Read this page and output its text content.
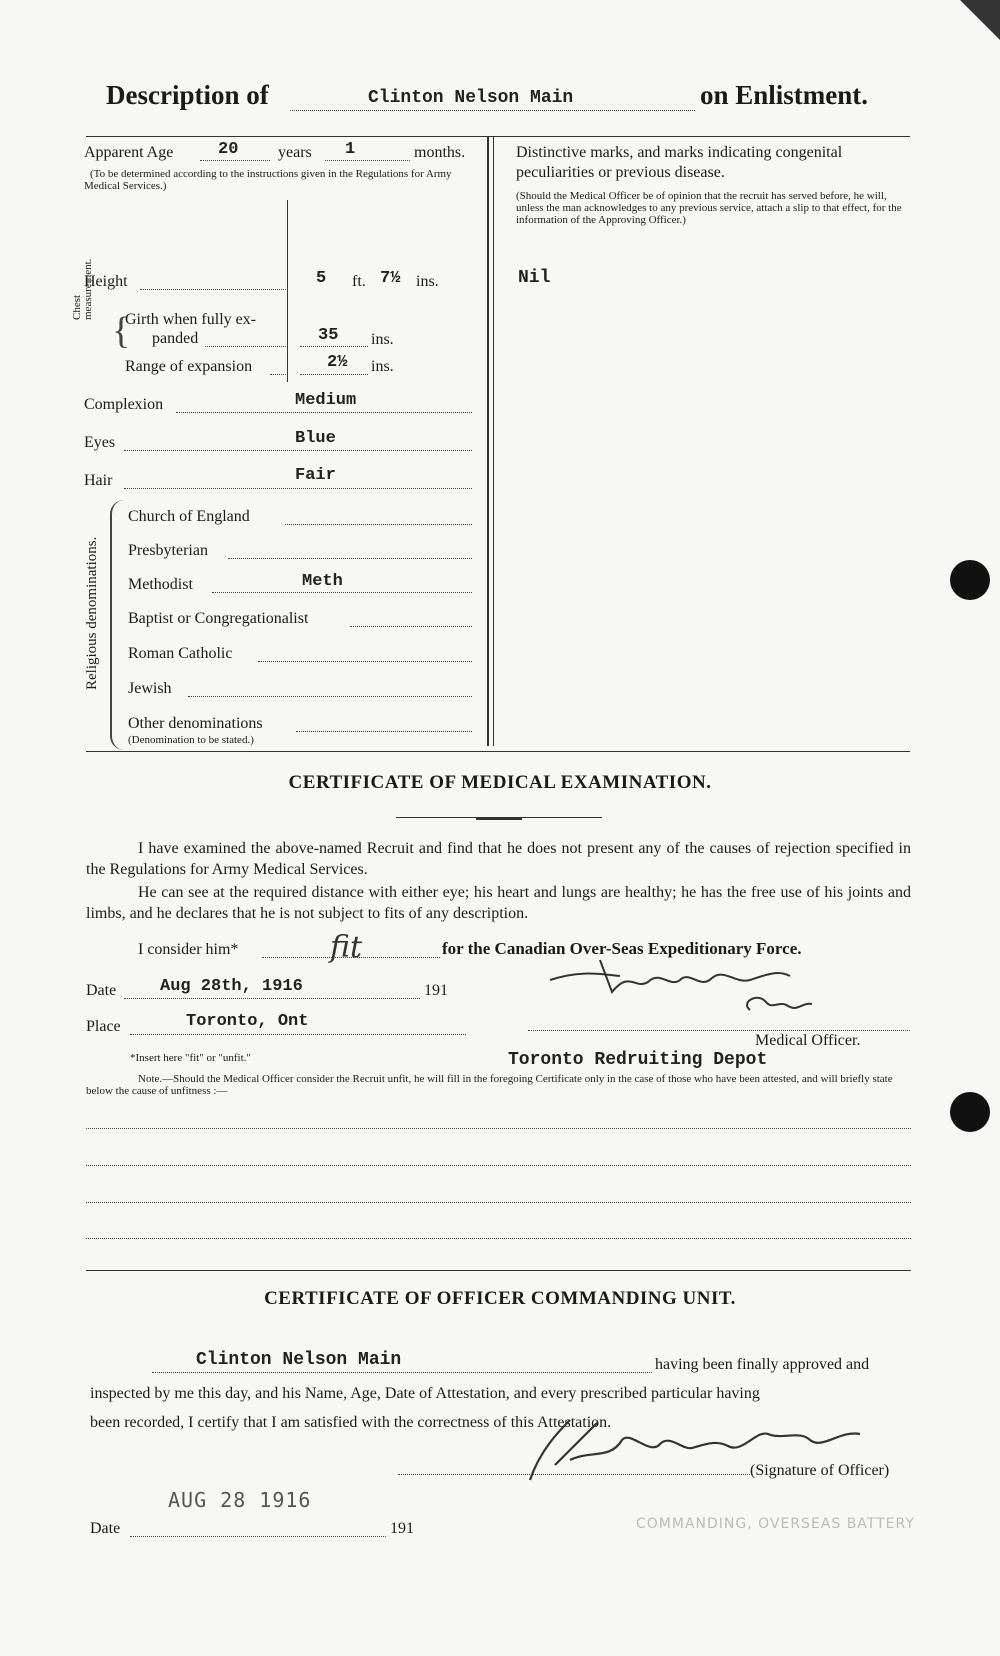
Description of	Clinton Nelson Main	on Enlistment.
Apparent Age	20 years 1	months.
(To be determined according to the instructions given in the Regulations for Army Medical Services.)
Height	5 ft. 7½ ins.
Chest measurement.
{
Girth when fully ex-
panded	35 ins.
Range of expansion	2½ ins.
Complexion	Medium
Eyes	Blue
Hair	Fair
Religious denominations.
Church of England
Presbyterian
Methodist	Meth
Baptist or Congregationalist
Roman Catholic
Jewish
Other denominations
(Denomination to be stated.)
Distinctive marks, and marks indicating congenital peculiarities or previous disease.
(Should the Medical Officer be of opinion that the recruit has served before, he will, unless the man acknowledges to any previous service, attach a slip to that effect, for the information of the Approving Officer.)
Nil
CERTIFICATE OF MEDICAL EXAMINATION.
I have examined the above-named Recruit and find that he does not present any of the causes of rejection specified in the Regulations for Army Medical Services.
He can see at the required distance with either eye; his heart and lungs are healthy; he has the free use of his joints and limbs, and he declares that he is not subject to fits of any description.
I consider him*	fit	for the Canadian Over-Seas Expeditionary Force.
Date	Aug 28th, 1916	191
Place	Toronto, Ont
Medical Officer.
Toronto Redruiting Depot
*Insert here "fit" or "unfit."
Note.—Should the Medical Officer consider the Recruit unfit, he will fill in the foregoing Certificate only in the case of those who have been attested, and will briefly state below the cause of unfitness :—
CERTIFICATE OF OFFICER COMMANDING UNIT.
Clinton Nelson Main	having been finally approved and
inspected by me this day, and his Name, Age, Date of Attestation, and every prescribed particular having
been recorded, I certify that I am satisfied with the correctness of this Attestation.
(Signature of Officer)
AUG 28 1916
Date	191	COMMANDING, OVERSEAS BATTERY
